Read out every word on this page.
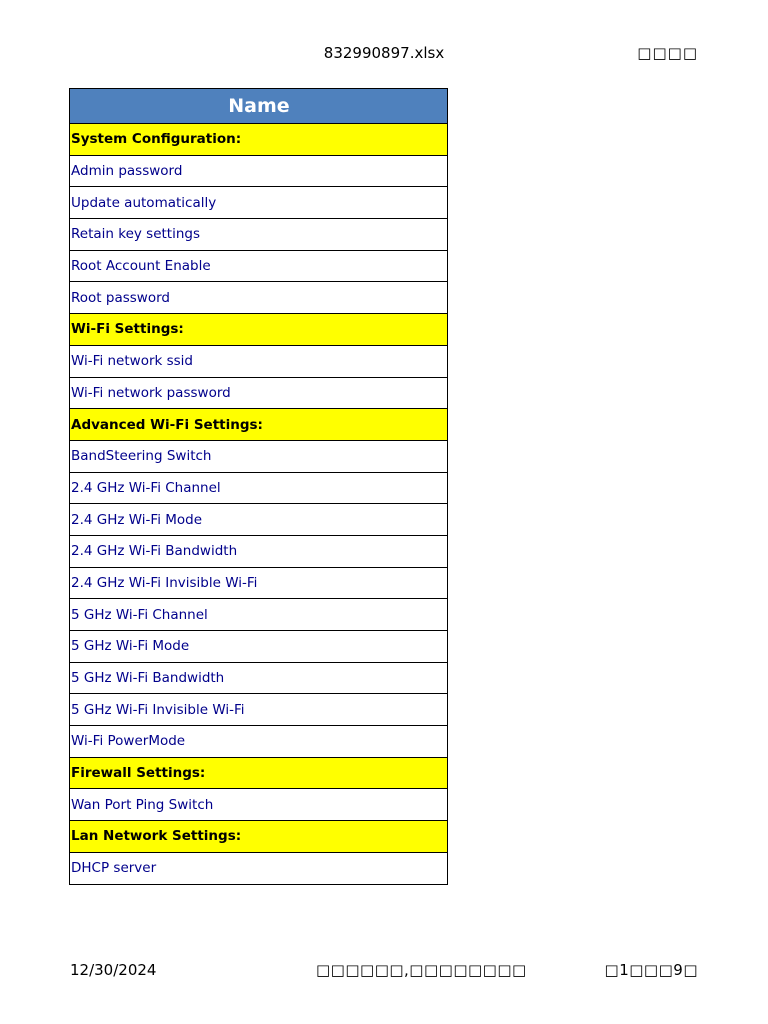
832990897.xlsx	□□□□
Name
System Configuration:
Admin password
Update automatically
Retain key settings
Root Account Enable
Root password
Wi-Fi Settings:
Wi-Fi network ssid
Wi-Fi network password
Advanced Wi-Fi Settings:
BandSteering Switch
2.4 GHz Wi-Fi Channel
2.4 GHz Wi-Fi Mode
2.4 GHz Wi-Fi Bandwidth
2.4 GHz Wi-Fi Invisible Wi-Fi
5 GHz Wi-Fi Channel
5 GHz Wi-Fi Mode
5 GHz Wi-Fi Bandwidth
5 GHz Wi-Fi Invisible Wi-Fi
Wi-Fi PowerMode
Firewall Settings:
Wan Port Ping Switch
Lan Network Settings:
DHCP server
12/30/2024	□□□□□□,□□□□□□□□	□1□□□9□
